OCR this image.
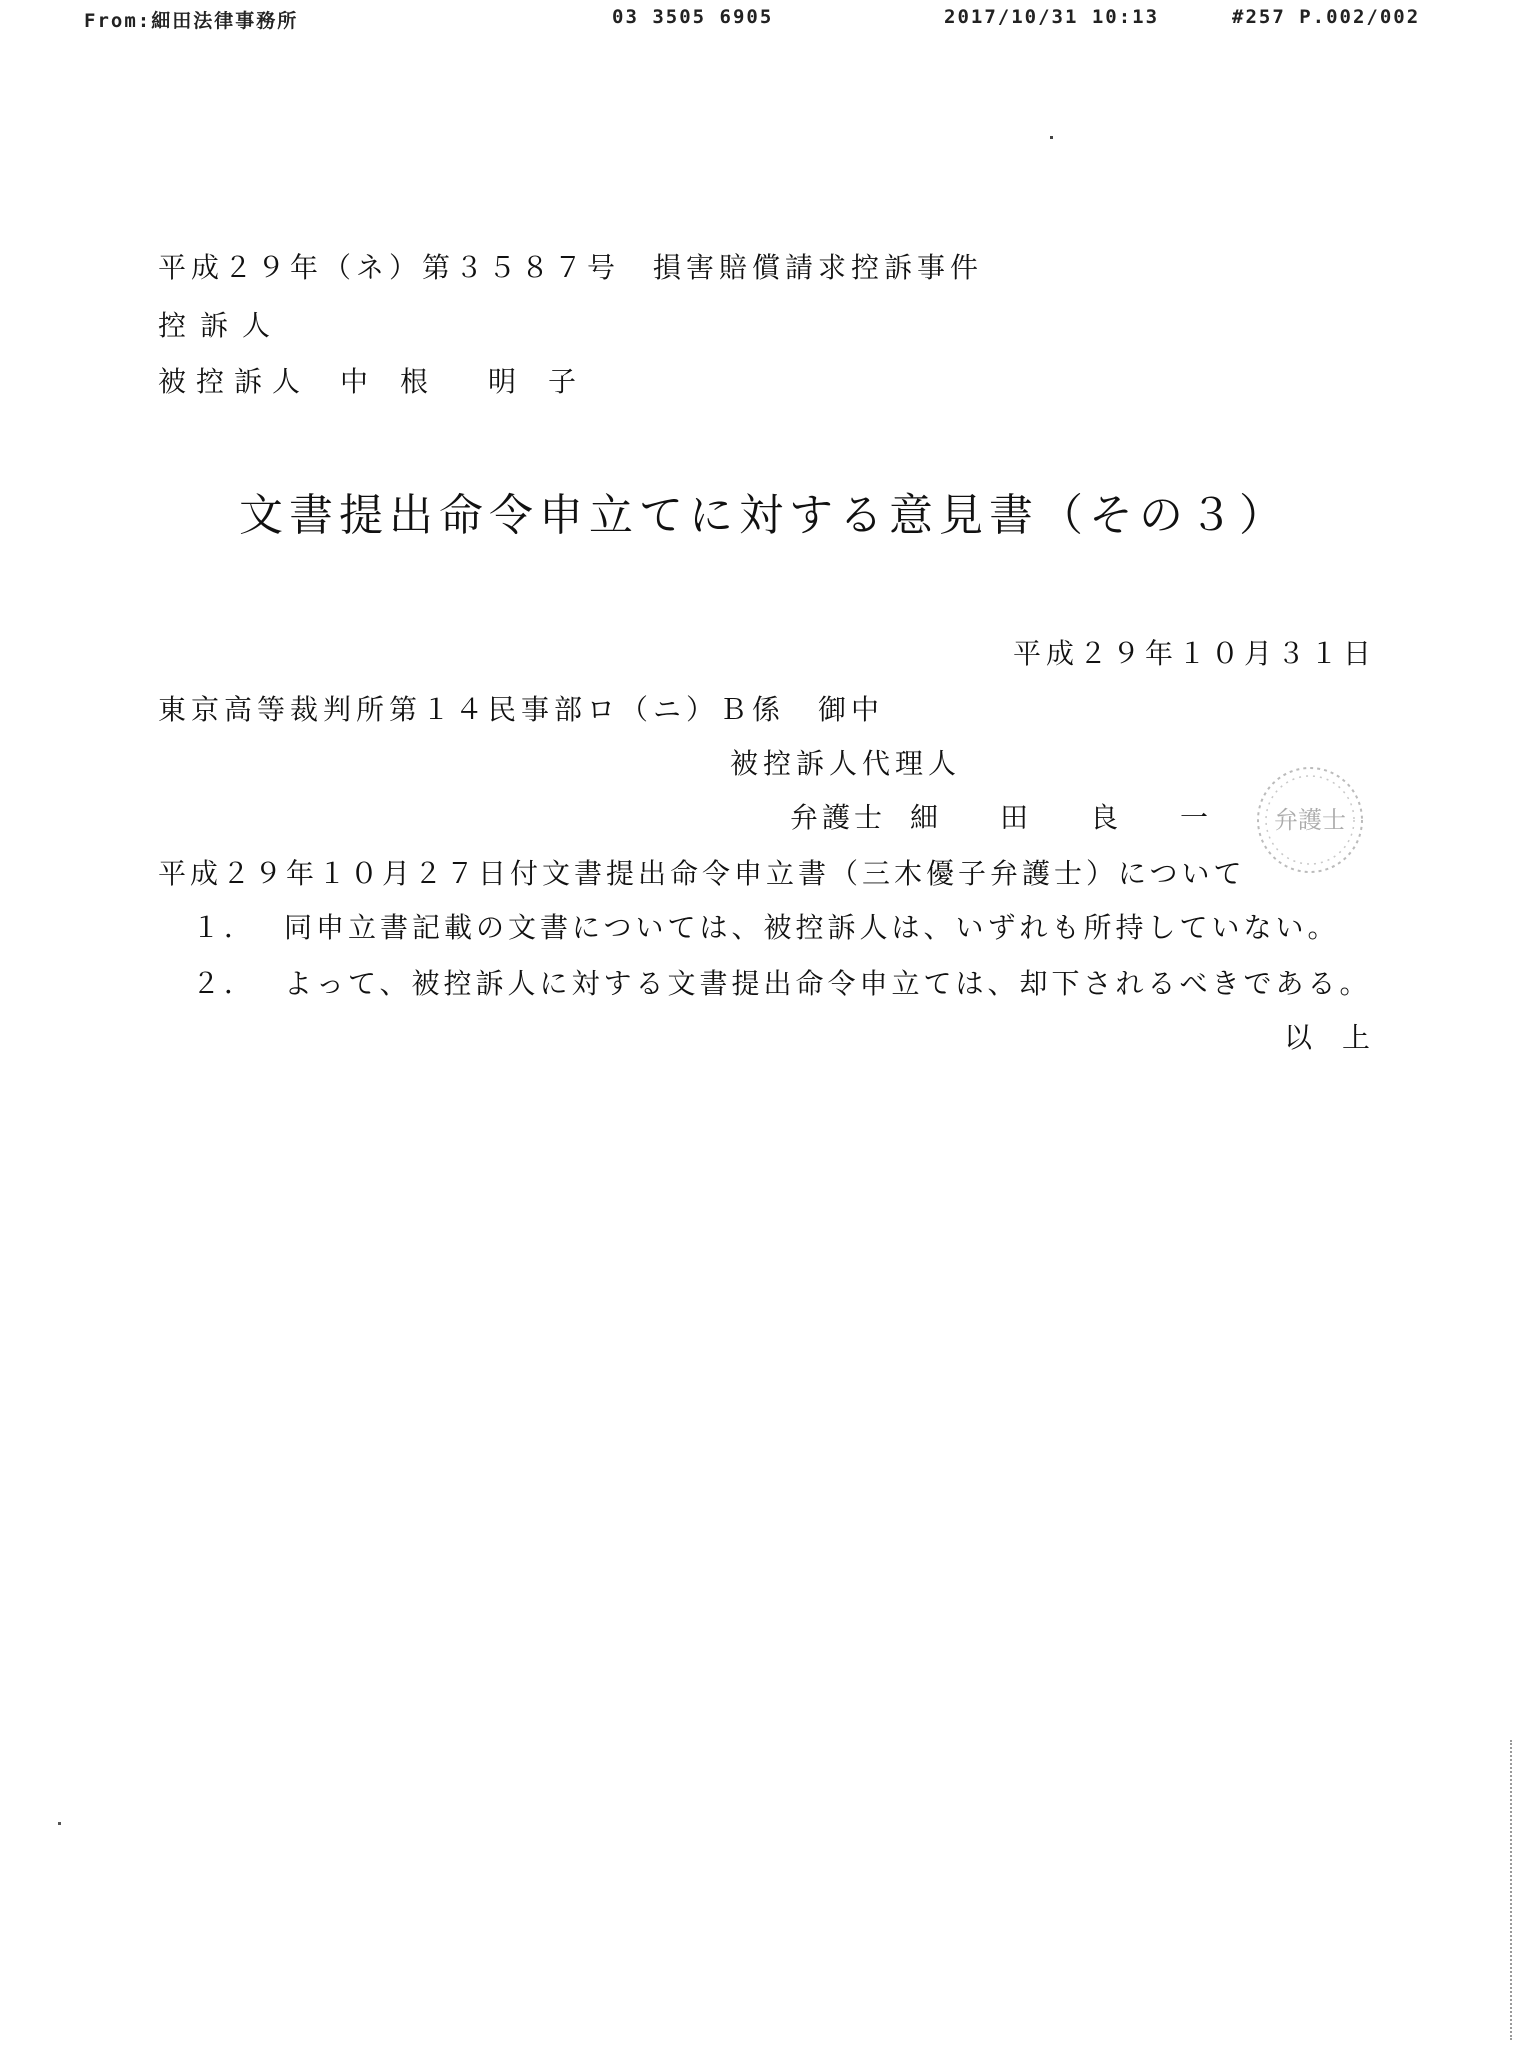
From:細田法律事務所	03 3505 6905	2017/10/31 10:13	#257 P.002/002
平成２９年（ネ）第３５８７号　損害賠償請求控訴事件
控訴人
被控訴人 中 根 明 子
文書提出命令申立てに対する意見書（その３）
平成２９年１０月３１日
東京高等裁判所第１４民事部ロ（ニ）Ｂ係　御中
被控訴人代理人
弁護士 細 田 良 一	弁護士
平成２９年１０月２７日付文書提出命令申立書（三木優子弁護士）について
１． 同申立書記載の文書については、被控訴人は、いずれも所持していない。
２． よって、被控訴人に対する文書提出命令申立ては、却下されるべきである。
以上
